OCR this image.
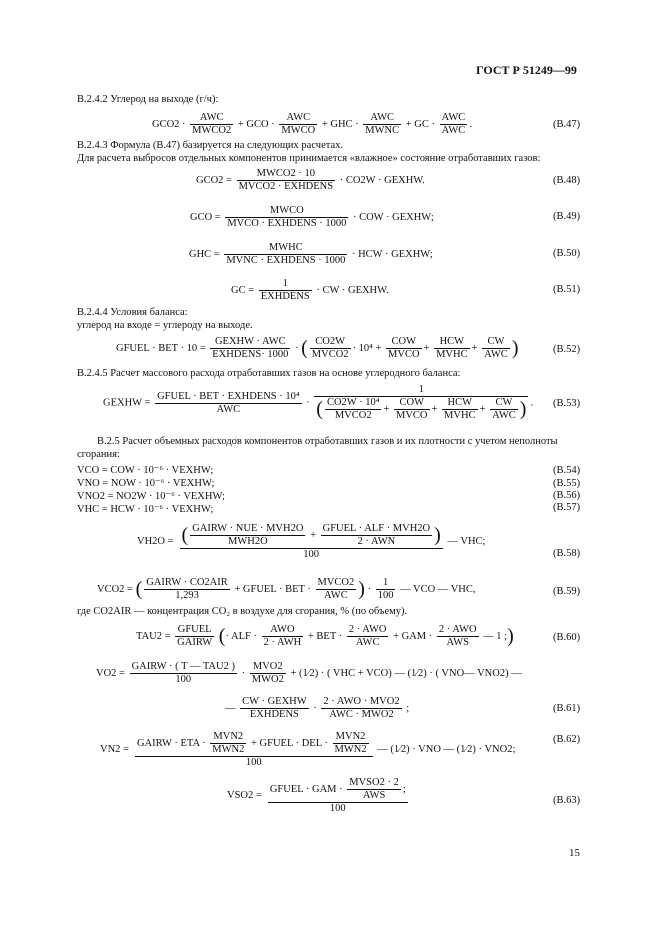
ГОСТ Р 51249—99
В.2.4.2 Углерод на выходе (г/ч):
$GCO2 \cdot \frac{\text{AWC}}{\text{MWCO2}}$ + GCO · $\frac{\text{AWC}}{\text{MWCO}}$ + GHC · $\frac{\text{AWC}}{\text{MWNC}}$ + GC · $\frac{\text{AWC}}{\text{AWC}}$ .	(В.47)
В.2.4.3 Формула (В.47) базируется на следующих расчетах.
Для расчета выбросов отдельных компонентов принимается «влажное» состояние отработавших газов:
$GCO2 = \frac{\text{MWCO2 · 10}}{\text{MVCO2 · EXHDENS}} \cdot CO2W$ · GEXHW.	(В.48)
GCO = $\frac{\text{MWCO}}{\text{MVCO · EXHDENS · 1000}}$ · COW · GEXHW;	(В.49)
GHC = $\frac{\text{MWHC}}{\text{MVNC · EXHDENS · 1000}}$ · HCW · GEXHW;	(В.50)
GC = $\frac{1}{\text{EXHDENS}}$ · CW · GEXHW.	(В.51)
В.2.4.4 Условия баланса:
углерод на входе = углероду на выходе.
GFUEL · BET · $10 = \frac{\text{GEXHW · AWC}}{\text{EXHDENS· 1000}}$ · ( $\frac{CO2W}{\text{MVCO2}} \cdot 10^4 + \frac{\text{COW}}{\text{MVCO}} + \frac{\text{HCW}}{\text{MVHC}} + \frac{CW}{\text{AWC}}$ )	(В.52)
В.2.4.5 Расчет массового расхода отработавших газов на основе углеродного баланса:
GEXHW = $\frac{\text{GFUEL · BET · EXHDENS · 10⁴}}{\text{AWC}} \cdot \frac{1}{( \frac{\text{CO2W · 10⁴}}{\text{MVCO2}} + \frac{\text{COW}}{\text{MVCO}} + \frac{\text{HCW}}{\text{MVHC}} + \frac{CW}{\text{AWC}} )}$ . (В.53)
В.2.5 Расчет объемных расходов компонентов отработавших газов и их плотности с учетом неполноты
сгорания:
VCO = COW · 10⁻⁶ · VEXHW;	(В.54)
VNO = NOW · 10⁻⁶ · VEXHW;	(В.55)
VNO2 = NO2W · 10⁻⁶ · VEXHW;	(В.56)
VHC = HCW · 10⁻⁶ · VEXHW;	(В.57)
VH2O = ( $\frac{\text{GAIRW · NUE · MVH2O}}{\text{MWH2O}} + \frac{\text{GFUEL · ALF · MVH2O}}{\text{2 · AWN}}$ )
100
— VHC;
(В.58)
VCO2 = ( $\frac{\text{GAIRW · CO2AIR}}{1,293}$ + GFUEL · BET · $\frac{\text{MVCO2}}{\text{AWC}}$ ) · $\frac{1}{100}$ — VCO — VHC,	(В.59)
где CO2AIR — концентрация CO₂ в воздухе для сгорания, % (по объему).
$TAU2 = \frac{\text{GFUEL}}{\text{GAIRW}}$ (· ALF · $\frac{\text{AWO}}{\text{2 · AWH}}$ + BET · $\frac{\text{2 · AWO}}{\text{AWC}}$ + GAM · $\frac{\text{2 · AWO}}{\text{AWS}}$ — 1 ;)	(В.60)
$VO2 = \frac{\text{GAIRW · ( T — TAU2 )}}{100} \cdot \frac{\text{MVO2}}{\text{MWO2}}$ + (1⁄2) · ( VHC + VCO) — (1⁄2) · ( VNO— VNO2) —
— $\frac{\text{CW · GEXHW}}{\text{EXHDENS}} \cdot \frac{\text{2 · AWO · MVO2}}{\text{AWC · MWO2}}$ ;	(В.61)
VN2 =
GAIRW · ETA · $\frac{\text{MVN2}}{\text{MWN2}}$ + GFUEL · DEL · $\frac{\text{MVN2}}{\text{MWN2}}$
100
— (1⁄2) · VNO — (1⁄2) · VNO2;
(В.62)
$VSO2 = \frac{GFUEL \cdot GAM \cdot \frac{\text{MVSO2 · 2}}{\text{AWS}} ;}{100}$	(В.63)
15
